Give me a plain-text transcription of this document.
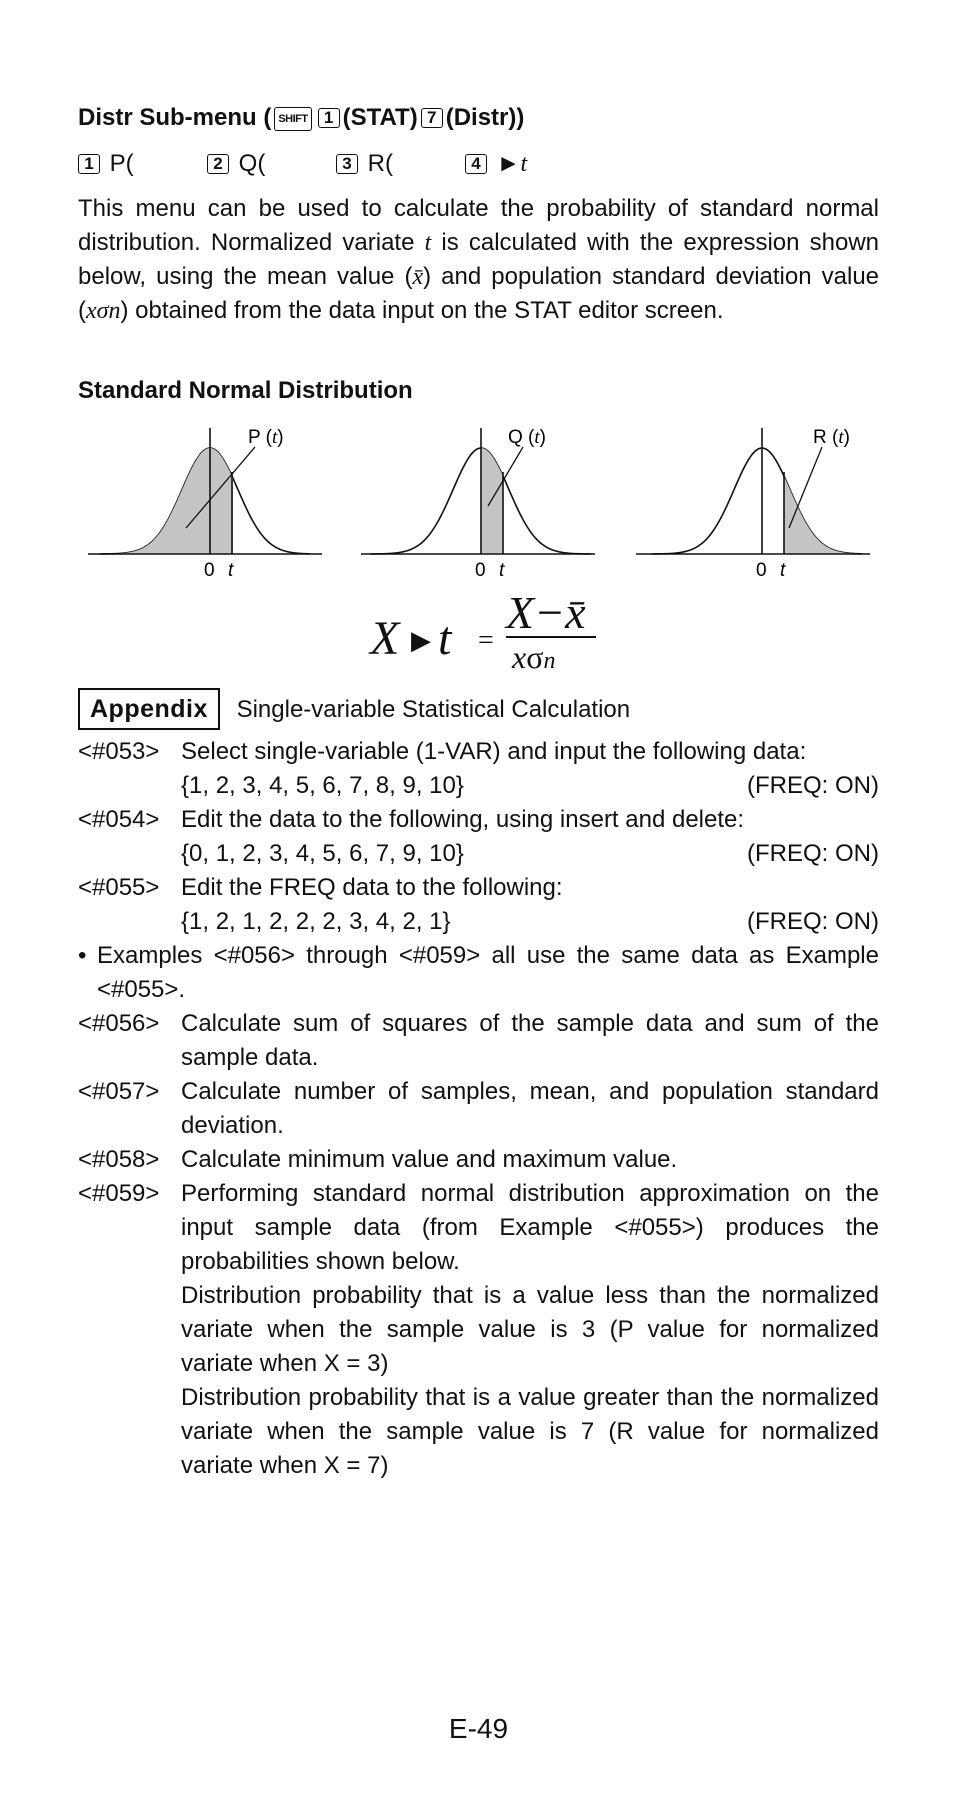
Distr Sub-menu ( SHIFT 1 (STAT) 7 (Distr))
1 P(	2 Q(	3 R(	4 ►t
This menu can be used to calculate the probability of standard normal distribution. Normalized variate t is calculated with the expression shown below, using the mean value (x̄) and population standard deviation value (xσn) obtained from the data input on the STAT editor screen.
Standard Normal Distribution
P (t)
0 t
Q (t)
0 t
R (t)
0 t
X ▶ t =
X−x̄
xσn
Appendix Single-variable Statistical Calculation
<#053> Select single-variable (1-VAR) and input the following data:
{1, 2, 3, 4, 5, 6, 7, 8, 9, 10}	(FREQ: ON)
<#054> Edit the data to the following, using insert and delete:
{0, 1, 2, 3, 4, 5, 6, 7, 9, 10}	(FREQ: ON)
<#055> Edit the FREQ data to the following:
{1, 2, 1, 2, 2, 2, 3, 4, 2, 1}	(FREQ: ON)
• Examples <#056> through <#059> all use the same data as Example <#055>.
<#056> Calculate sum of squares of the sample data and sum of the sample data.
<#057> Calculate number of samples, mean, and population standard deviation.
<#058> Calculate minimum value and maximum value.
<#059> Performing standard normal distribution approximation on the input sample data (from Example <#055>) produces the probabilities shown below.
Distribution probability that is a value less than the normalized variate when the sample value is 3 (P value for normalized variate when X = 3)
Distribution probability that is a value greater than the normalized variate when the sample value is 7 (R value for normalized variate when X = 7)
E-49
